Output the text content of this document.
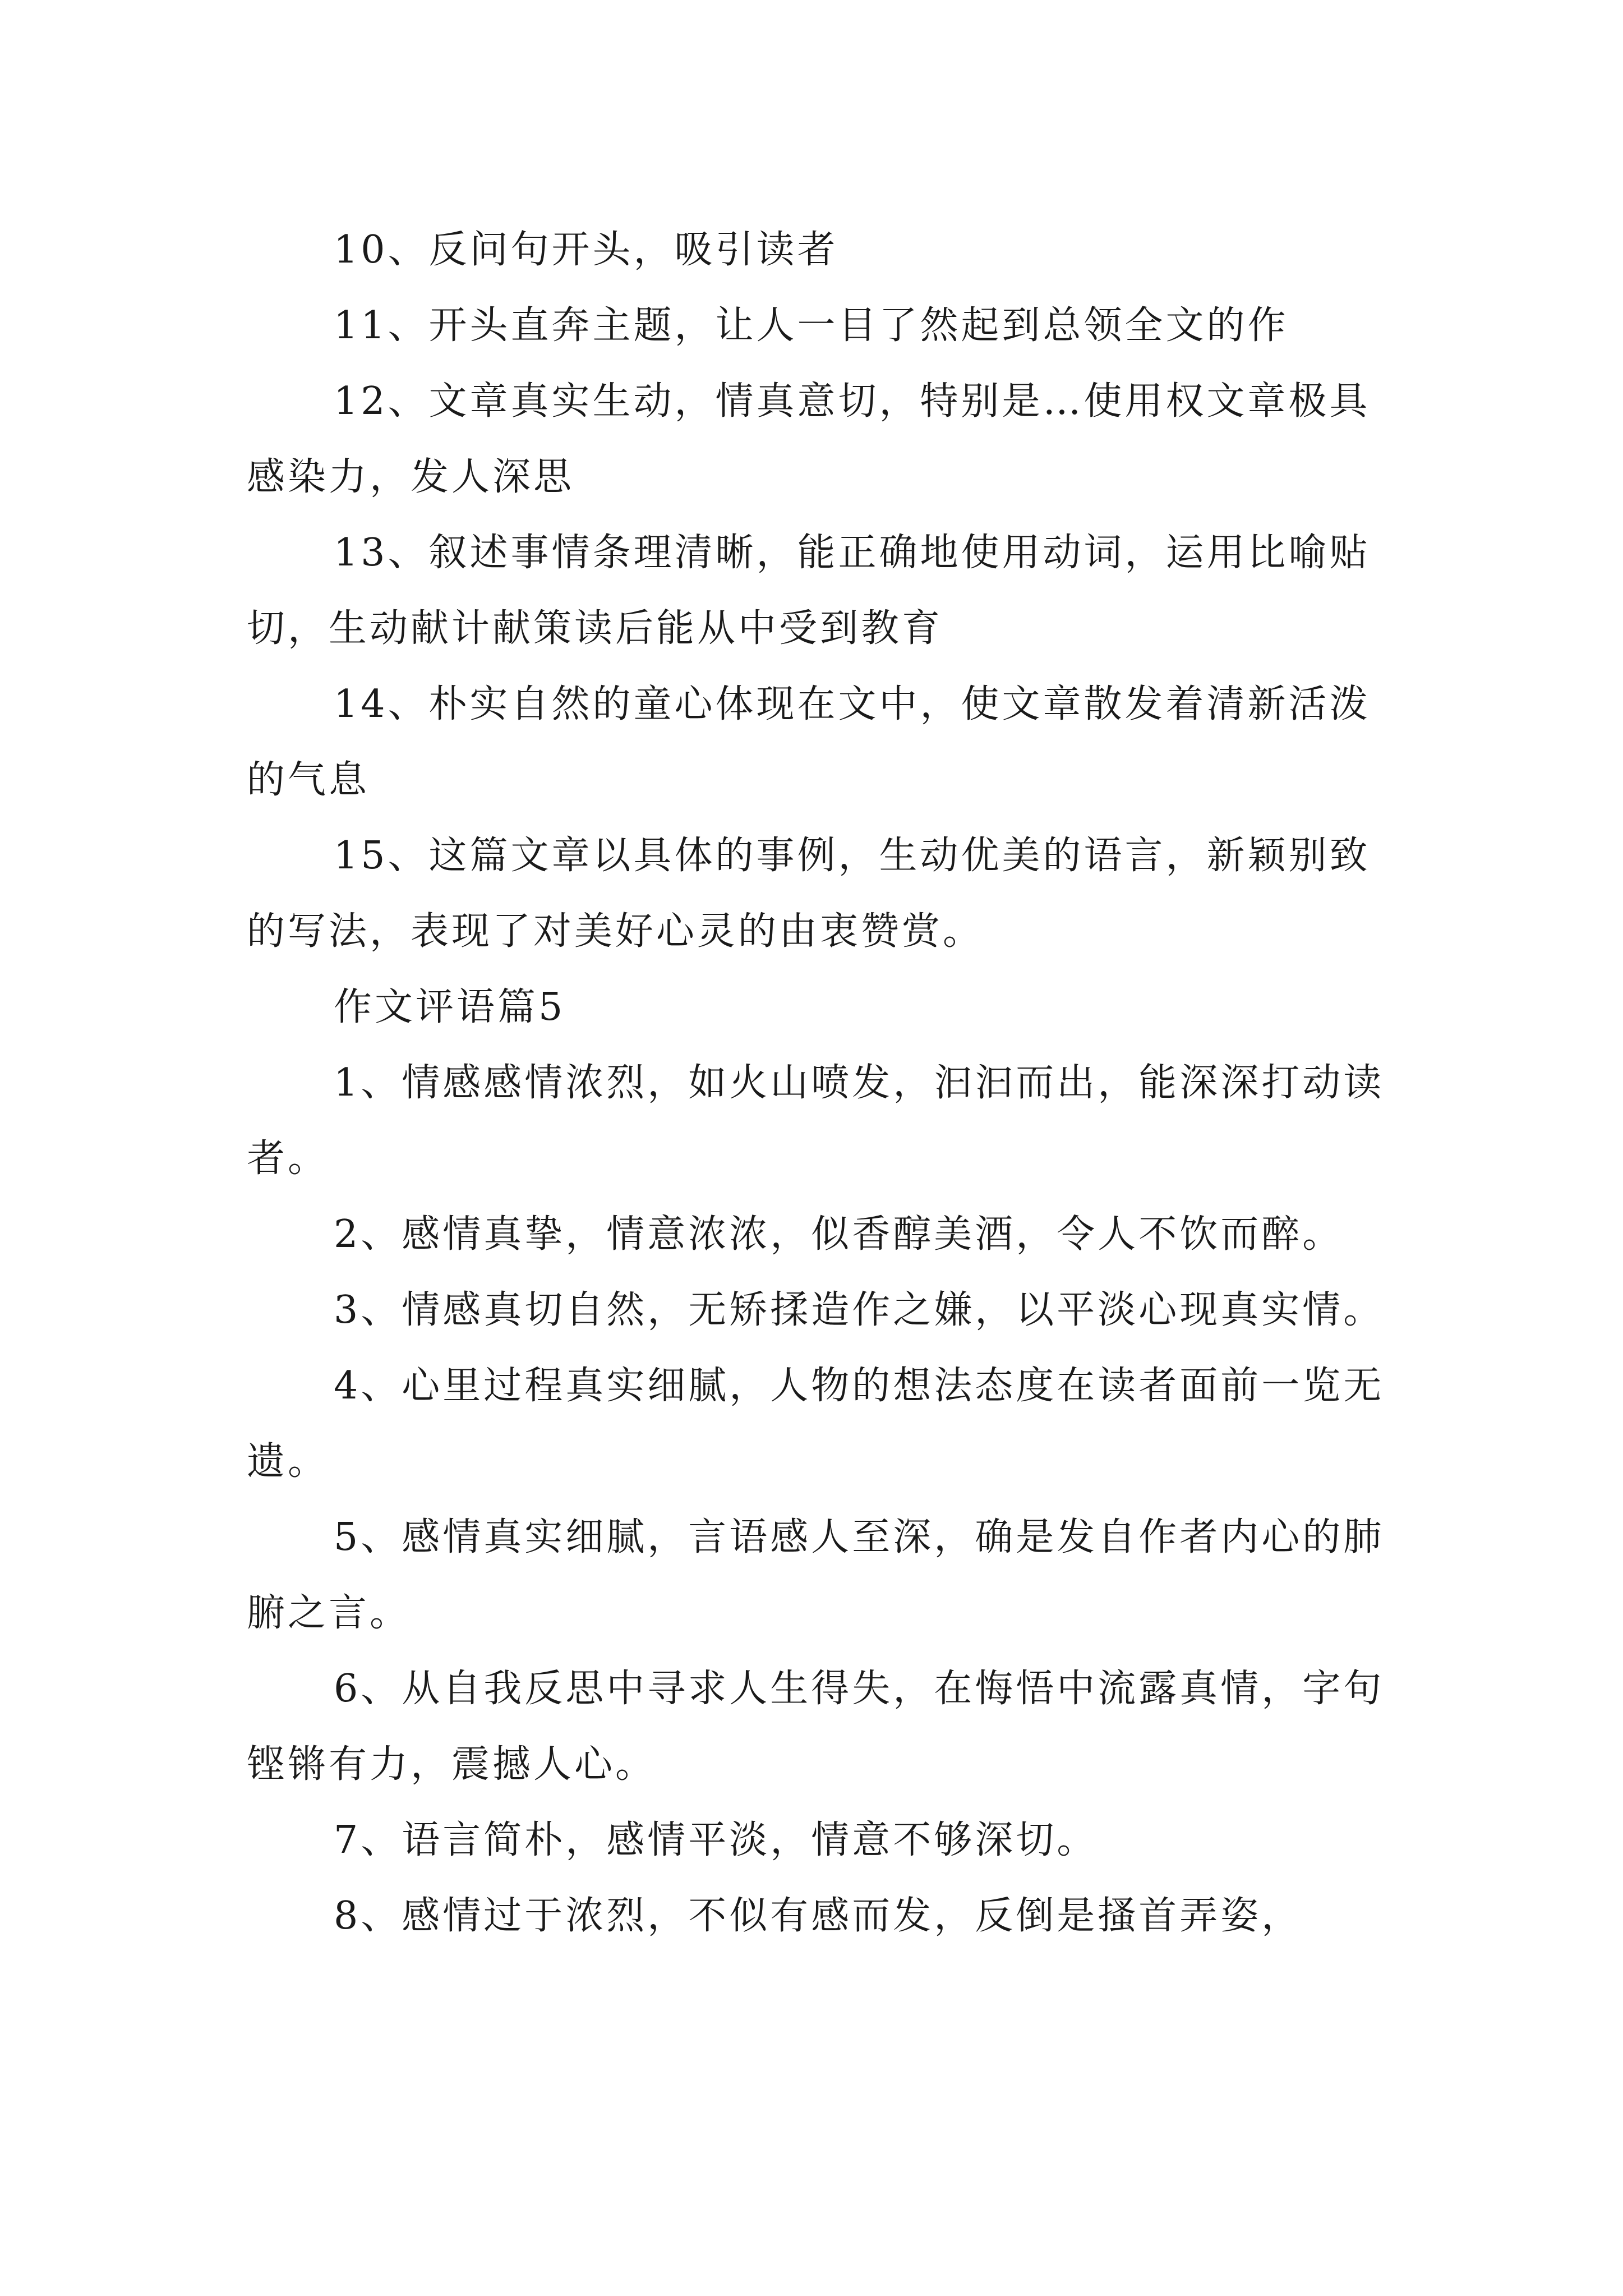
10、反问句开头，吸引读者

11、开头直奔主题，让人一目了然起到总领全文的作

12、文章真实生动，情真意切，特别是…使用权文章极具感染力，发人深思

13、叙述事情条理清晰，能正确地使用动词，运用比喻贴切，生动献计献策读后能从中受到教育

14、朴实自然的童心体现在文中，使文章散发着清新活泼的气息

15、这篇文章以具体的事例，生动优美的语言，新颖别致的写法，表现了对美好心灵的由衷赞赏。

作文评语篇5

1、情感感情浓烈，如火山喷发，汩汩而出，能深深打动读者。

2、感情真挚，情意浓浓，似香醇美酒，令人不饮而醉。

3、情感真切自然，无矫揉造作之嫌，以平淡心现真实情。

4、心里过程真实细腻，人物的想法态度在读者面前一览无遗。

5、感情真实细腻，言语感人至深，确是发自作者内心的肺腑之言。

6、从自我反思中寻求人生得失，在悔悟中流露真情，字句铿锵有力，震撼人心。

7、语言简朴，感情平淡，情意不够深切。

8、感情过于浓烈，不似有感而发，反倒是搔首弄姿，
